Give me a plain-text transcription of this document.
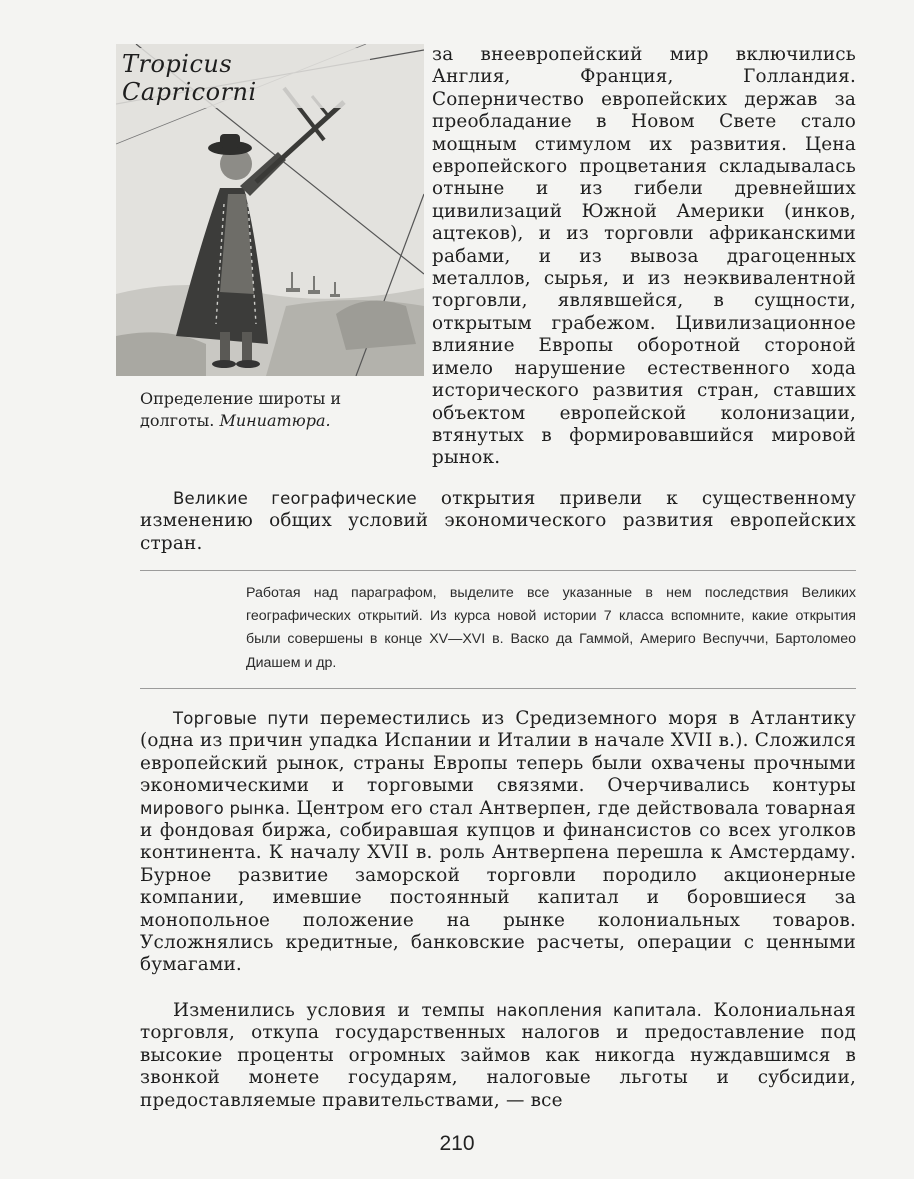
Tropicus Capricorni
Определение широты и долготы. Миниатюра.

за внеевропейский мир включились Англия, Франция, Голландия. Соперничество европейских держав за преобладание в Новом Свете стало мощным стимулом их развития. Цена европейского процветания складывалась отныне и из гибели древнейших цивилизаций Южной Америки (инков, ацтеков), и из торговли африканскими рабами, и из вывоза драгоценных металлов, сырья, и из неэквивалентной торговли, являвшейся, в сущности, открытым грабежом. Цивилизационное влияние Европы оборотной стороной имело нарушение естественного хода исторического развития стран, ставших объектом европейской колонизации, втянутых в формировавшийся мировой рынок.

Великие географические открытия привели к существенному изменению общих условий экономического развития европейских стран.

Работая над параграфом, выделите все указанные в нем последствия Великих географических открытий. Из курса новой истории 7 класса вспомните, какие открытия были совершены в конце XV—XVI в. Васко да Гаммой, Америго Веспуччи, Бартоломео Диашем и др.

Торговые пути переместились из Средиземного моря в Атлантику (одна из причин упадка Испании и Италии в начале XVII в.). Сложился европейский рынок, страны Европы теперь были охвачены прочными экономическими и торговыми связями. Очерчивались контуры мирового рынка. Центром его стал Антверпен, где действовала товарная и фондовая биржа, собиравшая купцов и финансистов со всех уголков континента. К началу XVII в. роль Антверпена перешла к Амстердаму. Бурное развитие заморской торговли породило акционерные компании, имевшие постоянный капитал и боровшиеся за монопольное положение на рынке колониальных товаров. Усложнялись кредитные, банковские расчеты, операции с ценными бумагами.

Изменились условия и темпы накопления капитала. Колониальная торговля, откупа государственных налогов и предоставление под высокие проценты огромных займов как никогда нуждавшимся в звонкой монете государям, налоговые льготы и субсидии, предоставляемые правительствами, — все

210
